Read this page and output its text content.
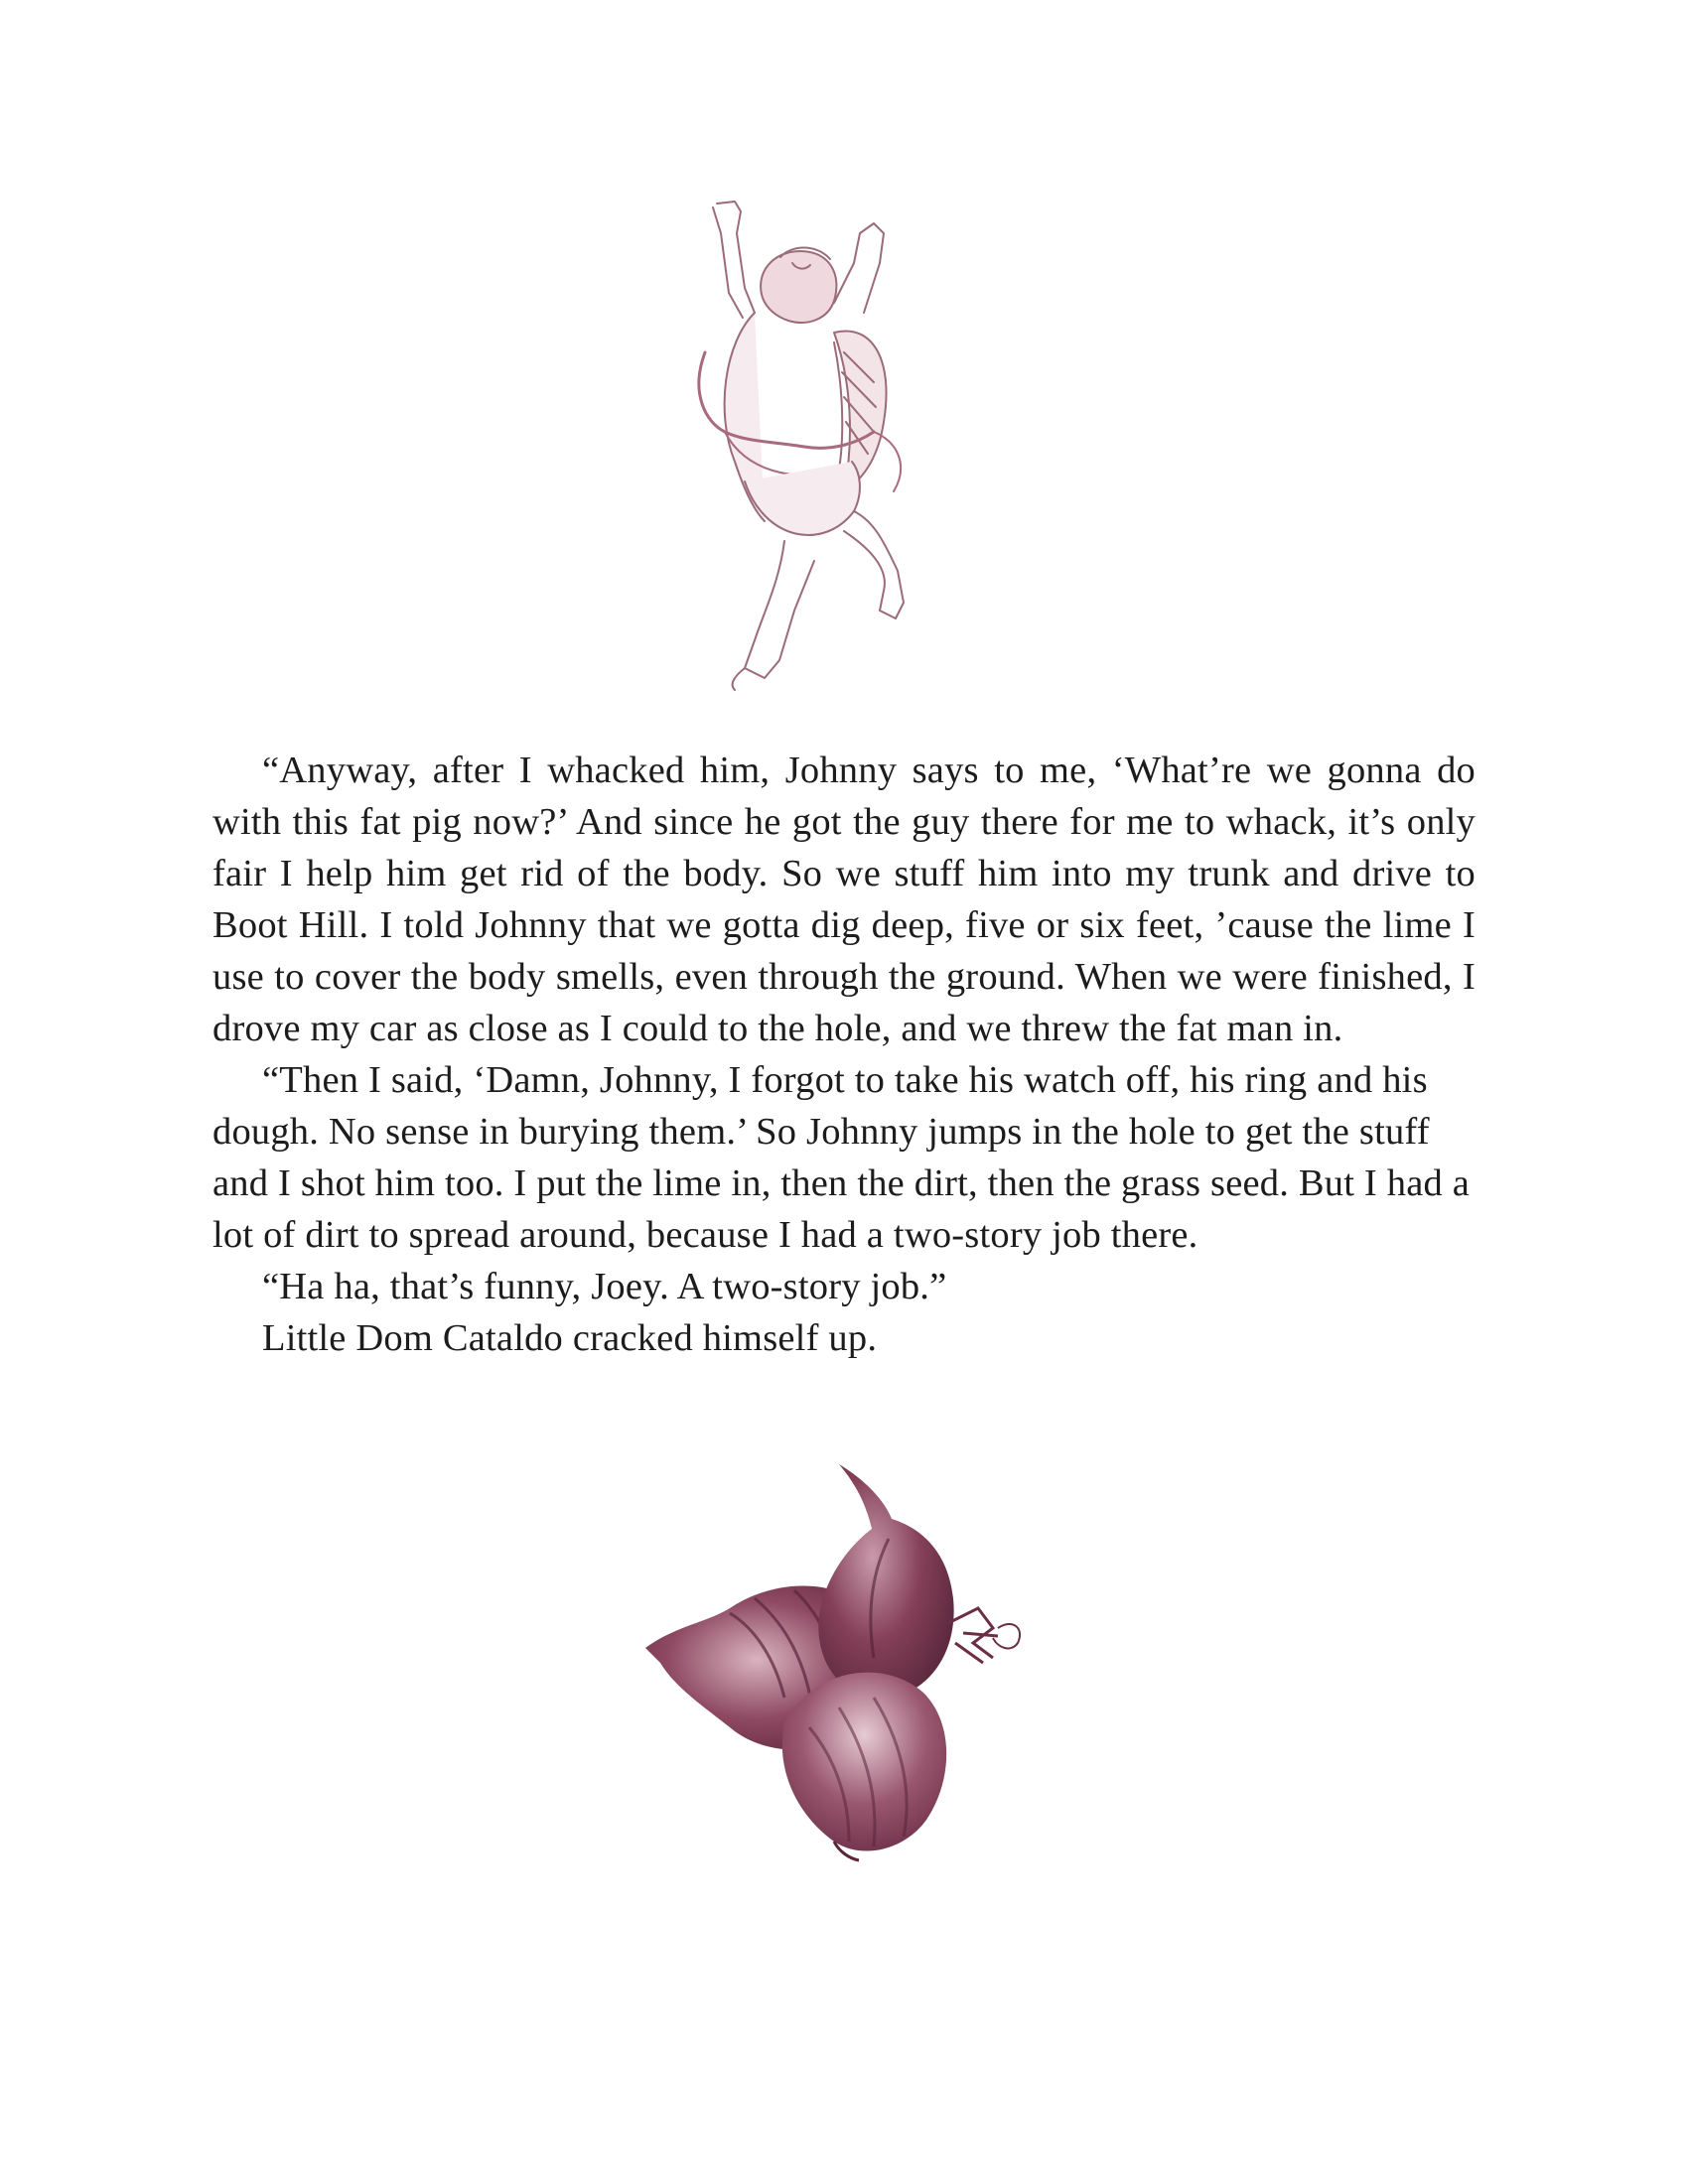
“Anyway, after I whacked him, Johnny says to me, ‘What’re we gonna do with this fat pig now?’ And since he got the guy there for me to whack, it’s only fair I help him get rid of the body. So we stuff him into my trunk and drive to Boot Hill. I told Johnny that we gotta dig deep, five or six feet, ’cause the lime I use to cover the body smells, even through the ground. When we were finished, I drove my car as close as I could to the hole, and we threw the fat man in.

“Then I said, ‘Damn, Johnny, I forgot to take his watch off, his ring and his dough. No sense in burying them.’ So Johnny jumps in the hole to get the stuff and I shot him too. I put the lime in, then the dirt, then the grass seed. But I had a lot of dirt to spread around, because I had a two-story job there.

“Ha ha, that’s funny, Joey. A two-story job.”

Little Dom Cataldo cracked himself up.
